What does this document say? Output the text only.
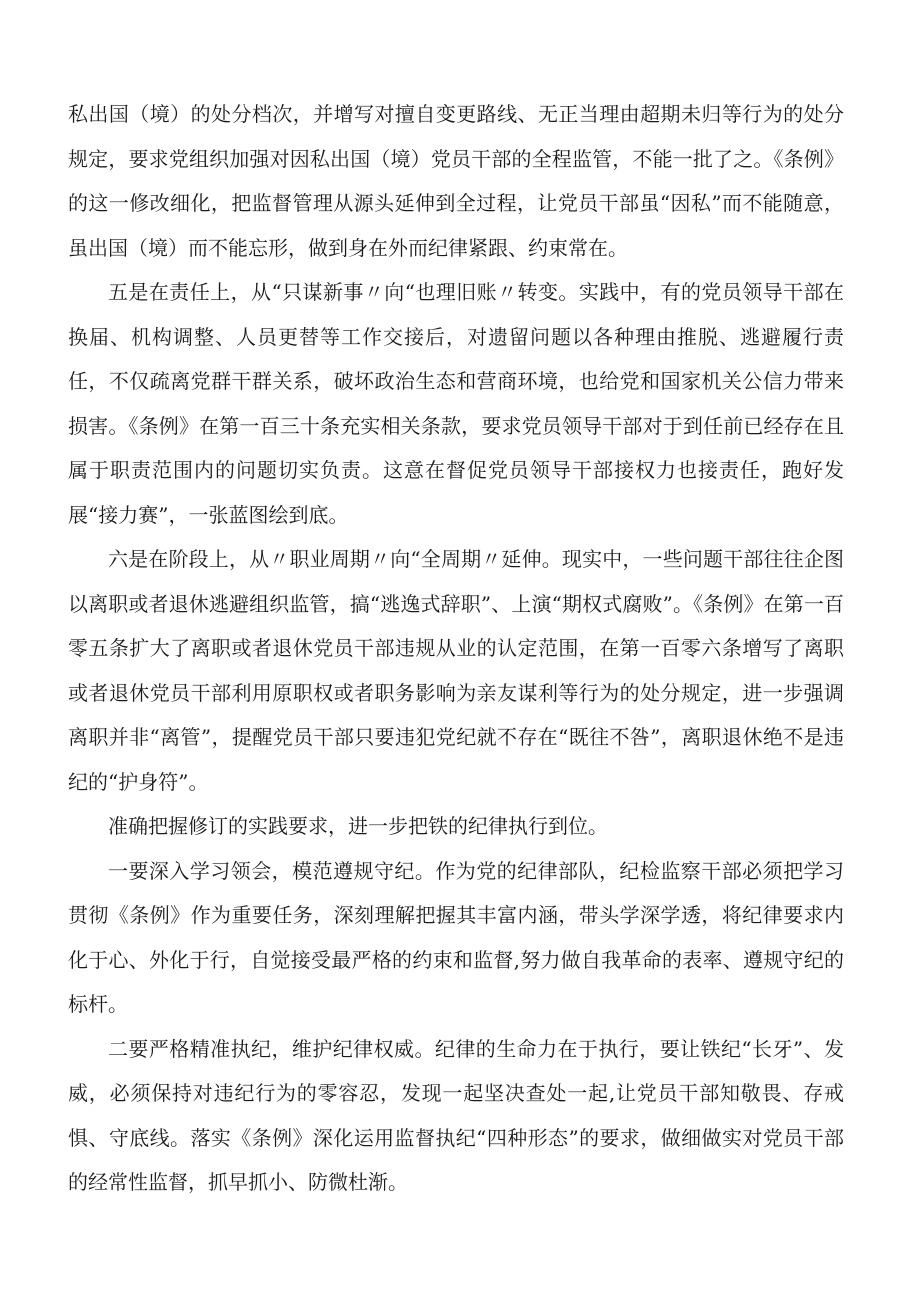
私出国（境）的处分档次，并增写对擅自变更路线、无正当理由超期未归等行为的处分规定，要求党组织加强对因私出国（境）党员干部的全程监管，不能一批了之。《条例》的这一修改细化，把监督管理从源头延伸到全过程，让党员干部虽“因私”而不能随意，虽出国（境）而不能忘形，做到身在外而纪律紧跟、约束常在。

五是在责任上，从“只谋新事〃向“也理旧账〃转变。实践中，有的党员领导干部在换届、机构调整、人员更替等工作交接后，对遗留问题以各种理由推脱、逃避履行责任，不仅疏离党群干群关系，破坏政治生态和营商环境，也给党和国家机关公信力带来损害。《条例》在第一百三十条充实相关条款，要求党员领导干部对于到任前已经存在且属于职责范围内的问题切实负责。这意在督促党员领导干部接权力也接责任，跑好发展“接力赛”，一张蓝图绘到底。

六是在阶段上，从〃职业周期〃向“全周期〃延伸。现实中，一些问题干部往往企图以离职或者退休逃避组织监管，搞“逃逸式辞职”、上演“期权式腐败”。《条例》在第一百零五条扩大了离职或者退休党员干部违规从业的认定范围，在第一百零六条增写了离职或者退休党员干部利用原职权或者职务影响为亲友谋利等行为的处分规定，进一步强调离职并非“离管”，提醒党员干部只要违犯党纪就不存在“既往不咎”，离职退休绝不是违纪的“护身符”。

准确把握修订的实践要求，进一步把铁的纪律执行到位。

一要深入学习领会，模范遵规守纪。作为党的纪律部队，纪检监察干部必须把学习贯彻《条例》作为重要任务，深刻理解把握其丰富内涵，带头学深学透，将纪律要求内化于心、外化于行，自觉接受最严格的约束和监督,努力做自我革命的表率、遵规守纪的标杆。

二要严格精准执纪，维护纪律权威。纪律的生命力在于执行，要让铁纪“长牙”、发威，必须保持对违纪行为的零容忍，发现一起坚决查处一起,让党员干部知敬畏、存戒惧、守底线。落实《条例》深化运用监督执纪“四种形态”的要求，做细做实对党员干部的经常性监督，抓早抓小、防微杜渐。
